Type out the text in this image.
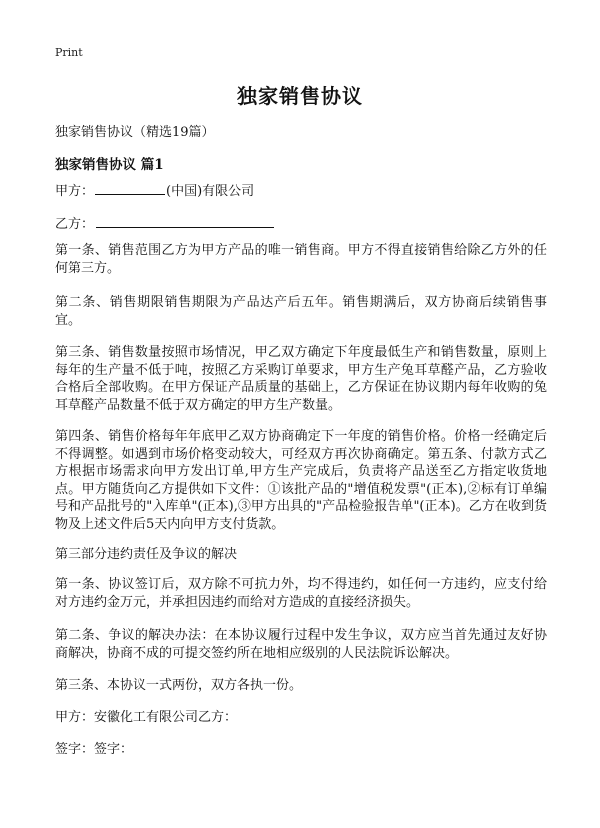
Print
独家销售协议
独家销售协议（精选19篇）
独家销售协议 篇1
甲方：	(中国)有限公司
乙方：

第一条、销售范围乙方为甲方产品的唯一销售商。甲方不得直接销售给除乙方外的任何第三方。

第二条、销售期限销售期限为产品达产后五年。销售期满后，双方协商后续销售事宜。

第三条、销售数量按照市场情况，甲乙双方确定下年度最低生产和销售数量，原则上每年的生产量不低于吨，按照乙方采购订单要求，甲方生产兔耳草醛产品，乙方验收合格后全部收购。在甲方保证产品质量的基础上，乙方保证在协议期内每年收购的兔耳草醛产品数量不低于双方确定的甲方生产数量。

第四条、销售价格每年年底甲乙双方协商确定下一年度的销售价格。价格一经确定后不得调整。如遇到市场价格变动较大，可经双方再次协商确定。第五条、付款方式乙方根据市场需求向甲方发出订单,甲方生产完成后，负责将产品送至乙方指定收货地点。甲方随货向乙方提供如下文件：①该批产品的"增值税发票"(正本),②标有订单编号和产品批号的"入库单"(正本),③甲方出具的"产品检验报告单"(正本)。乙方在收到货物及上述文件后5天内向甲方支付货款。

第三部分违约责任及争议的解决

第一条、协议签订后，双方除不可抗力外，均不得违约，如任何一方违约，应支付给对方违约金万元，并承担因违约而给对方造成的直接经济损失。

第二条、争议的解决办法：在本协议履行过程中发生争议，双方应当首先通过友好协商解决，协商不成的可提交签约所在地相应级别的人民法院诉讼解决。

第三条、本协议一式两份，双方各执一份。

甲方：安徽化工有限公司乙方：

签字：签字：
